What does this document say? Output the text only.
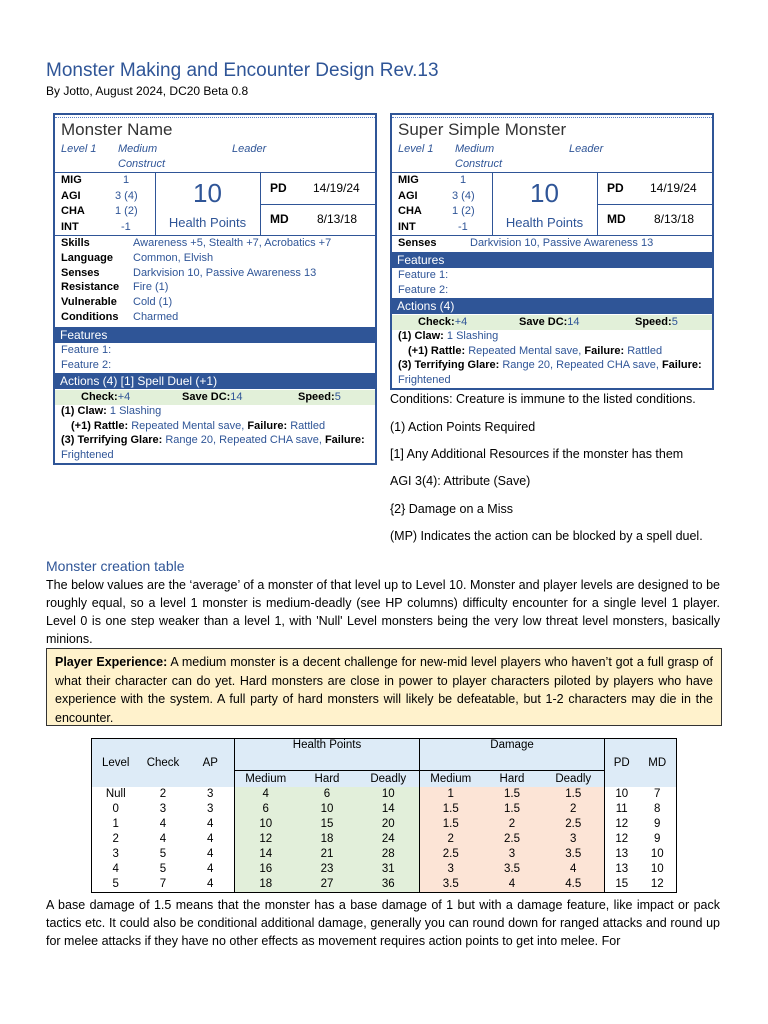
Monster Making and Encounter Design Rev.13
By Jotto, August 2024, DC20 Beta 0.8
Monster Name
Level 1 Medium	Leader
Construct
MIG	1
AGI	3 (4)
CHA	1 (2)
INT	-1
10
Health Points
PD 14/19/24
MD 8/13/18
Skills	Awareness +5, Stealth +7, Acrobatics +7
Language Common, Elvish
Senses	Darkvision 10, Passive Awareness 13
Resistance Fire (1)
Vulnerable Cold (1)
Conditions Charmed
Features
Feature 1:
Feature 2:
Actions (4) [1] Spell Duel (+1)
Check: +4	Save DC: 14	Speed: 5
(1) Claw: 1 Slashing
(+1) Rattle: Repeated Mental save, Failure: Rattled
(3) Terrifying Glare: Range 20, Repeated CHA save, Failure:
Frightened
Super Simple Monster
Level 1 Medium	Leader
Construct
MIG	1
AGI	3 (4)
CHA	1 (2)
INT	-1
10
Health Points
PD 14/19/24
MD 8/13/18
Senses	Darkvision 10, Passive Awareness 13
Features
Feature 1:
Feature 2:
Actions (4)
Check: +4	Save DC: 14	Speed: 5
(1) Claw: 1 Slashing
(+1) Rattle: Repeated Mental save, Failure: Rattled
(3) Terrifying Glare: Range 20, Repeated CHA save, Failure:
Frightened
Conditions: Creature is immune to the listed conditions.
(1) Action Points Required
[1] Any Additional Resources if the monster has them
AGI 3(4): Attribute (Save)
{2} Damage on a Miss
(MP) Indicates the action can be blocked by a spell duel.
Monster creation table
The below values are the ‘average’ of a monster of that level up to Level 10. Monster and player levels are designed to be roughly equal, so a level 1 monster is medium-deadly (see HP columns) difficulty encounter for a single level 1 player. Level 0 is one step weaker than a level 1, with 'Null' Level monsters being the very low threat level monsters, basically minions.
Player Experience: A medium monster is a decent challenge for new-mid level players who haven’t got a full grasp of what their character can do yet. Hard monsters are close in power to player characters piloted by players who have experience with the system. A full party of hard monsters will likely be defeatable, but 1-2 characters may die in the encounter.
Level	Check	AP	Health Points			Damage			PD	MD
			Medium	Hard	Deadly	Medium	Hard	Deadly		
Null	2	3	4	6	10	1	1.5	1.5	10	7
0	3	3	6	10	14	1.5	1.5	2	11	8
1	4	4	10	15	20	1.5	2	2.5	12	9
2	4	4	12	18	24	2	2.5	3	12	9
3	5	4	14	21	28	2.5	3	3.5	13	10
4	5	4	16	23	31	3	3.5	4	13	10
5	7	4	18	27	36	3.5	4	4.5	15	12
A base damage of 1.5 means that the monster has a base damage of 1 but with a damage feature, like impact or pack tactics etc. It could also be conditional additional damage, generally you can round down for ranged attacks and round up for melee attacks if they have no other effects as movement requires action points to get into melee. For
